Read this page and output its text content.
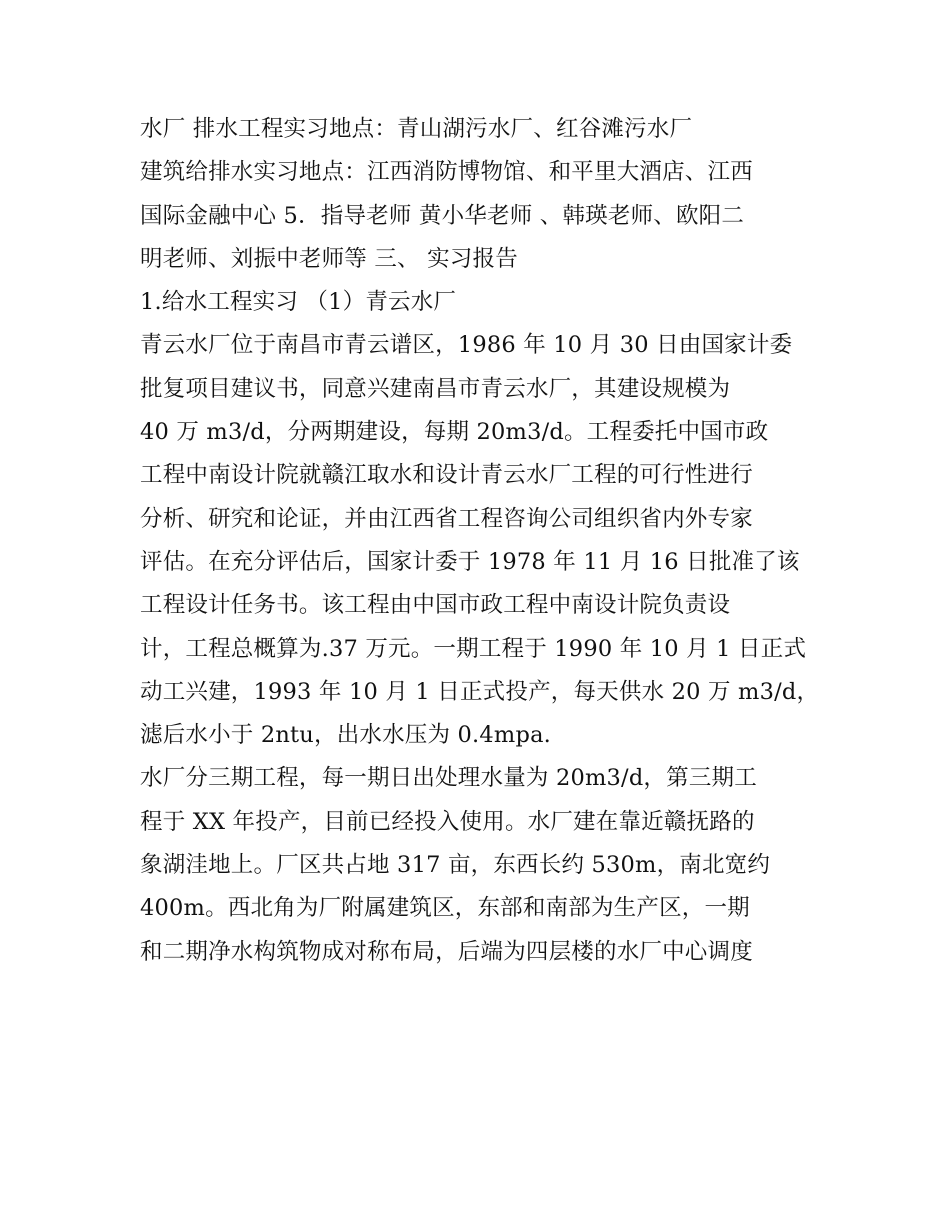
水厂 排水工程实习地点：青山湖污水厂、红谷滩污水厂
建筑给排水实习地点：江西消防博物馆、和平里大酒店、江西
国际金融中心 5．指导老师 黄小华老师 、韩瑛老师、欧阳二
明老师、刘振中老师等 三、 实习报告
1.给水工程实习 （1）青云水厂
青云水厂位于南昌市青云谱区，1986 年 10 月 30 日由国家计委
批复项目建议书，同意兴建南昌市青云水厂，其建设规模为
40 万 m3/d，分两期建设，每期 20m3/d。工程委托中国市政
工程中南设计院就赣江取水和设计青云水厂工程的可行性进行
分析、研究和论证，并由江西省工程咨询公司组织省内外专家
评估。在充分评估后，国家计委于 1978 年 11 月 16 日批准了该
工程设计任务书。该工程由中国市政工程中南设计院负责设
计，工程总概算为.37 万元。一期工程于 1990 年 10 月 1 日正式
动工兴建，1993 年 10 月 1 日正式投产，每天供水 20 万 m3/d，
滤后水小于 2ntu，出水水压为 0.4mpa.
水厂分三期工程，每一期日出处理水量为 20m3/d，第三期工
程于 XX 年投产，目前已经投入使用。水厂建在靠近赣抚路的
象湖洼地上。厂区共占地 317 亩，东西长约 530m，南北宽约
400m。西北角为厂附属建筑区，东部和南部为生产区，一期
和二期净水构筑物成对称布局，后端为四层楼的水厂中心调度
